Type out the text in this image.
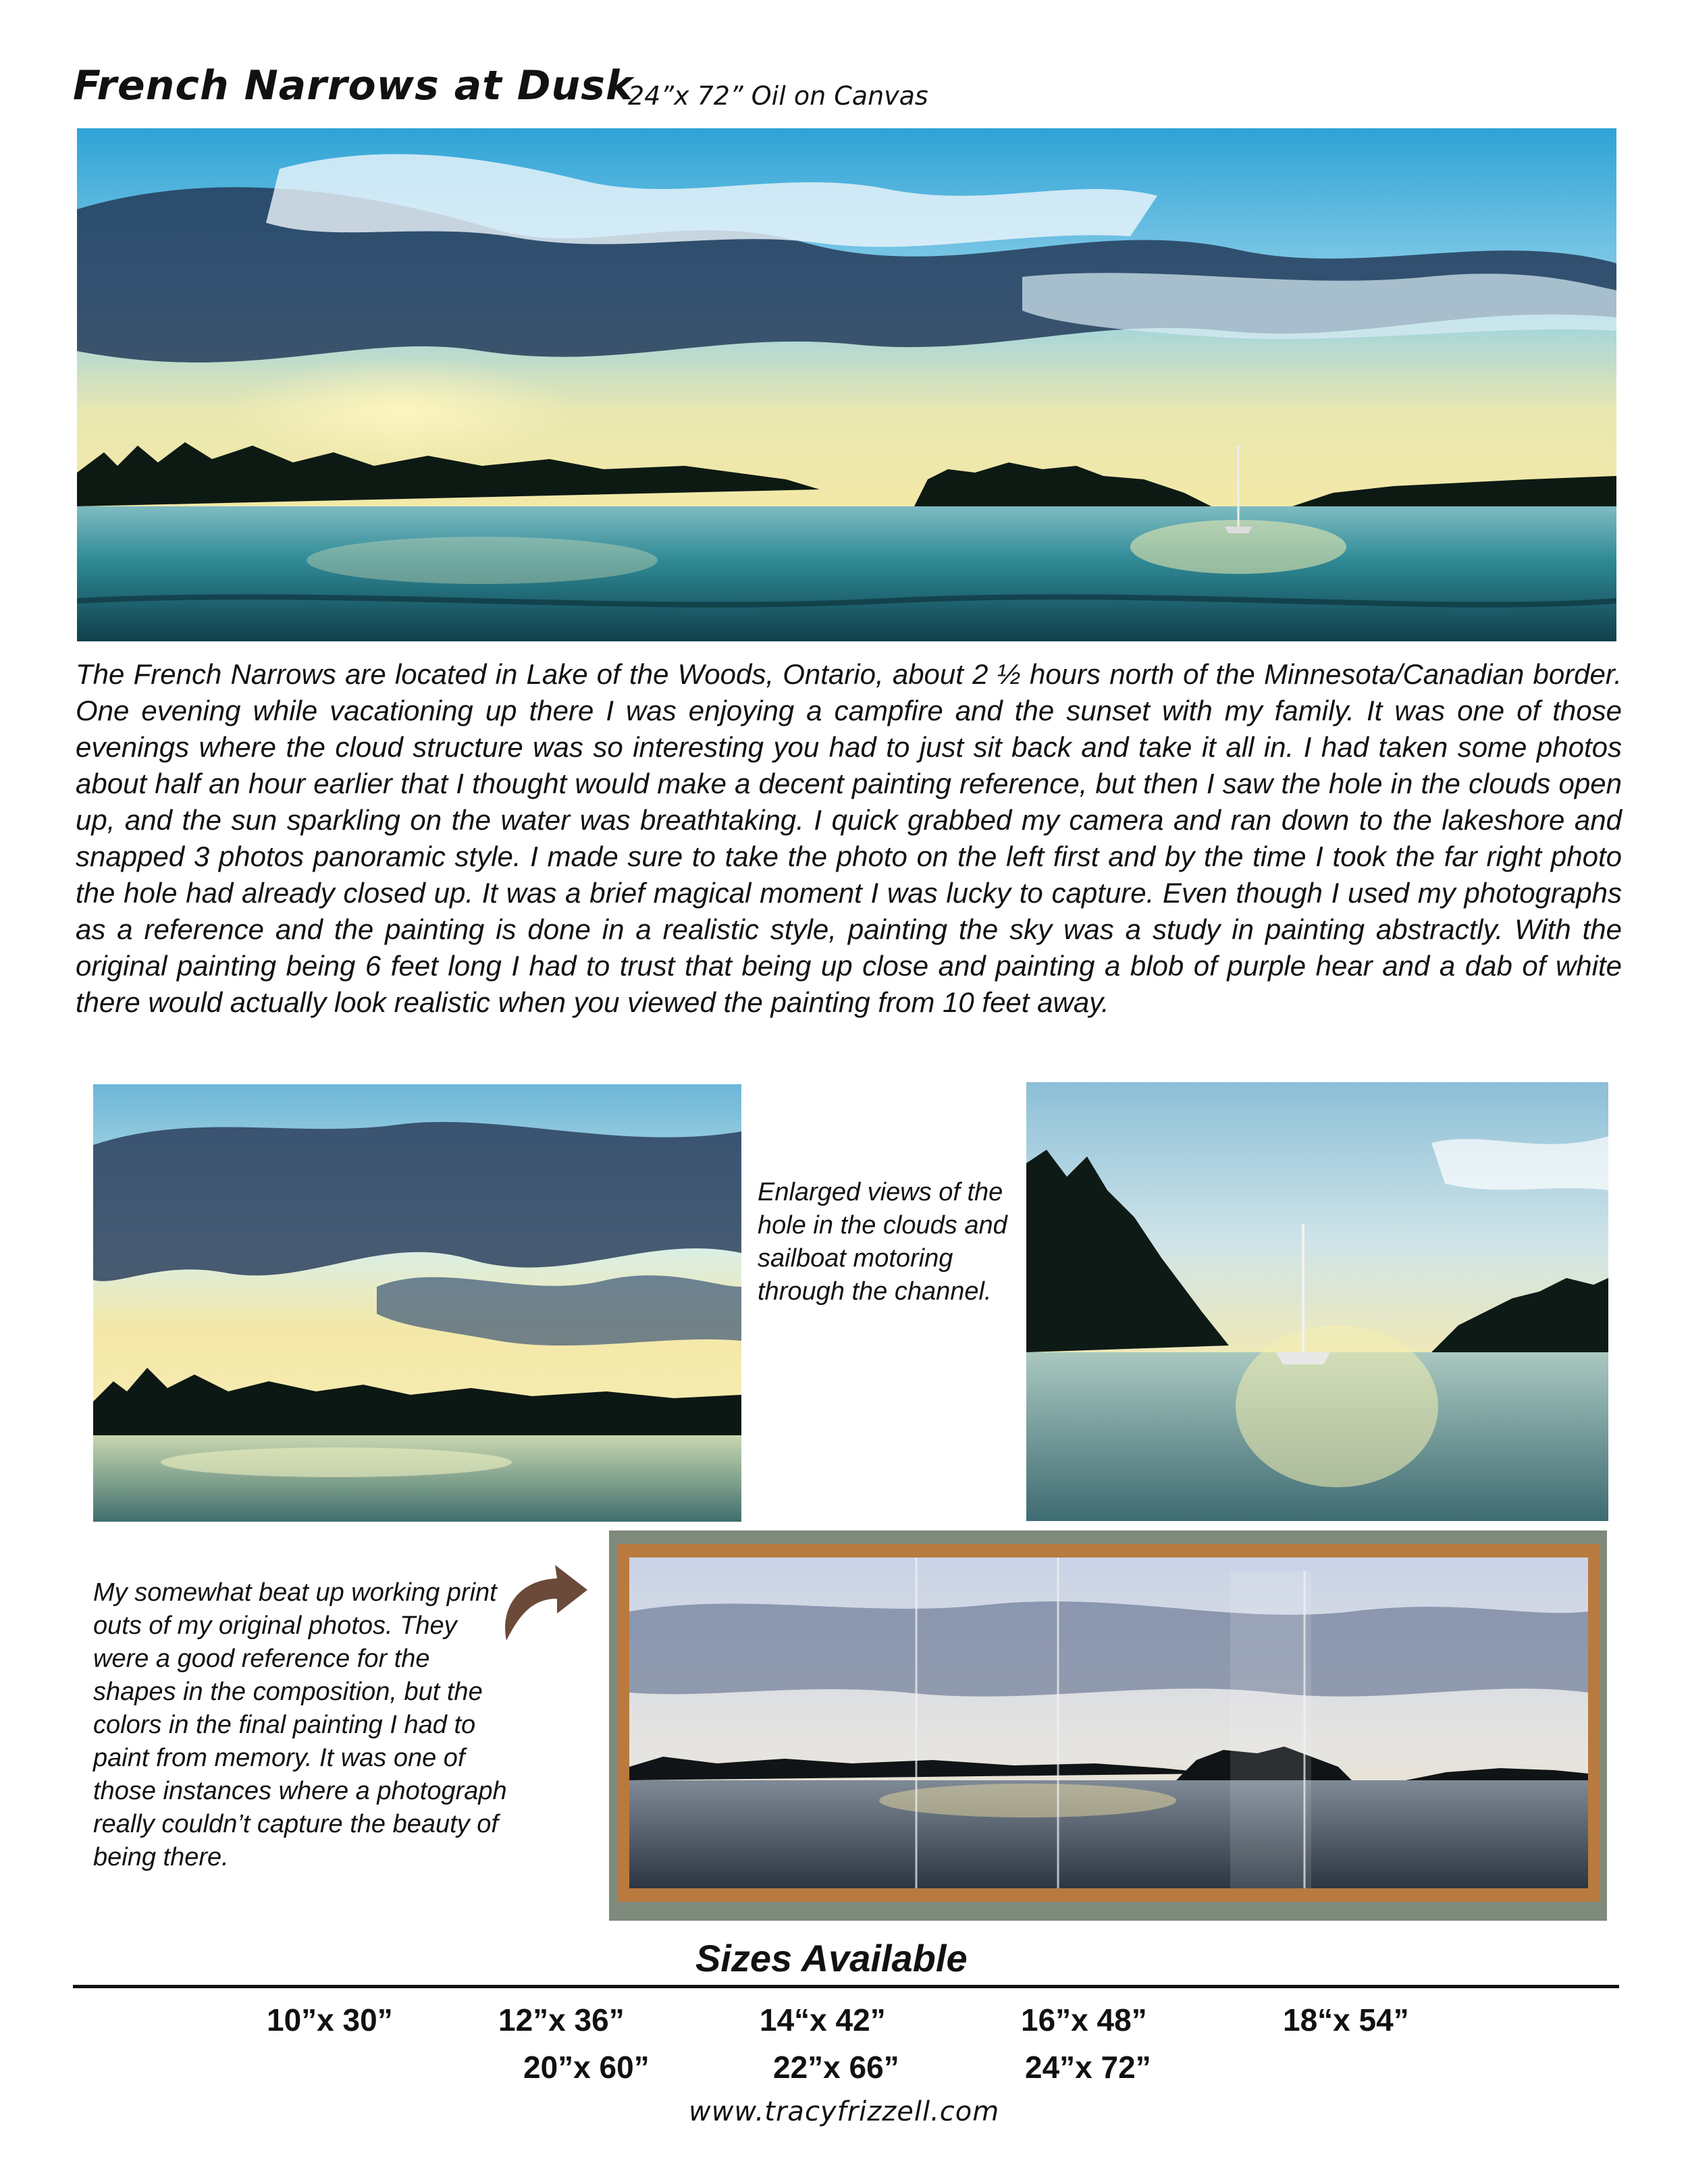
French Narrows at Dusk
24”x 72” Oil on Canvas
The French Narrows are located in Lake of the Woods, Ontario, about 2 ½ hours north of the Minnesota/Canadian border. One evening while vacationing up there I was enjoying a campfire and the sunset with my family. It was one of those evenings where the cloud structure was so interesting you had to just sit back and take it all in. I had taken some photos about half an hour earlier that I thought would make a decent painting reference, but then I saw the hole in the clouds open up, and the sun sparkling on the water was breathtaking. I quick grabbed my camera and ran down to the lakeshore and snapped 3 photos panoramic style. I made sure to take the photo on the left first and by the time I took the far right photo the hole had already closed up. It was a brief magical moment I was lucky to capture. Even though I used my photographs as a reference and the painting is done in a realistic style, painting the sky was a study in painting abstractly. With the original painting being 6 feet long I had to trust that being up close and painting a blob of purple hear and a dab of white there would actually look realistic when you viewed the painting from 10 feet away.
Enlarged views of the hole in the clouds and sailboat motoring through the channel.
My somewhat beat up working print outs of my original photos. They were a good reference for the shapes in the composition, but the colors in the final painting I had to paint from memory. It was one of those instances where a photograph really couldn’t capture the beauty of being there.
Sizes Available
10”x 30”	12”x 36”	14“x 42”	16”x 48”	18“x 54”
20”x 60”	22”x 66”	24”x 72”
www.tracyfrizzell.com
